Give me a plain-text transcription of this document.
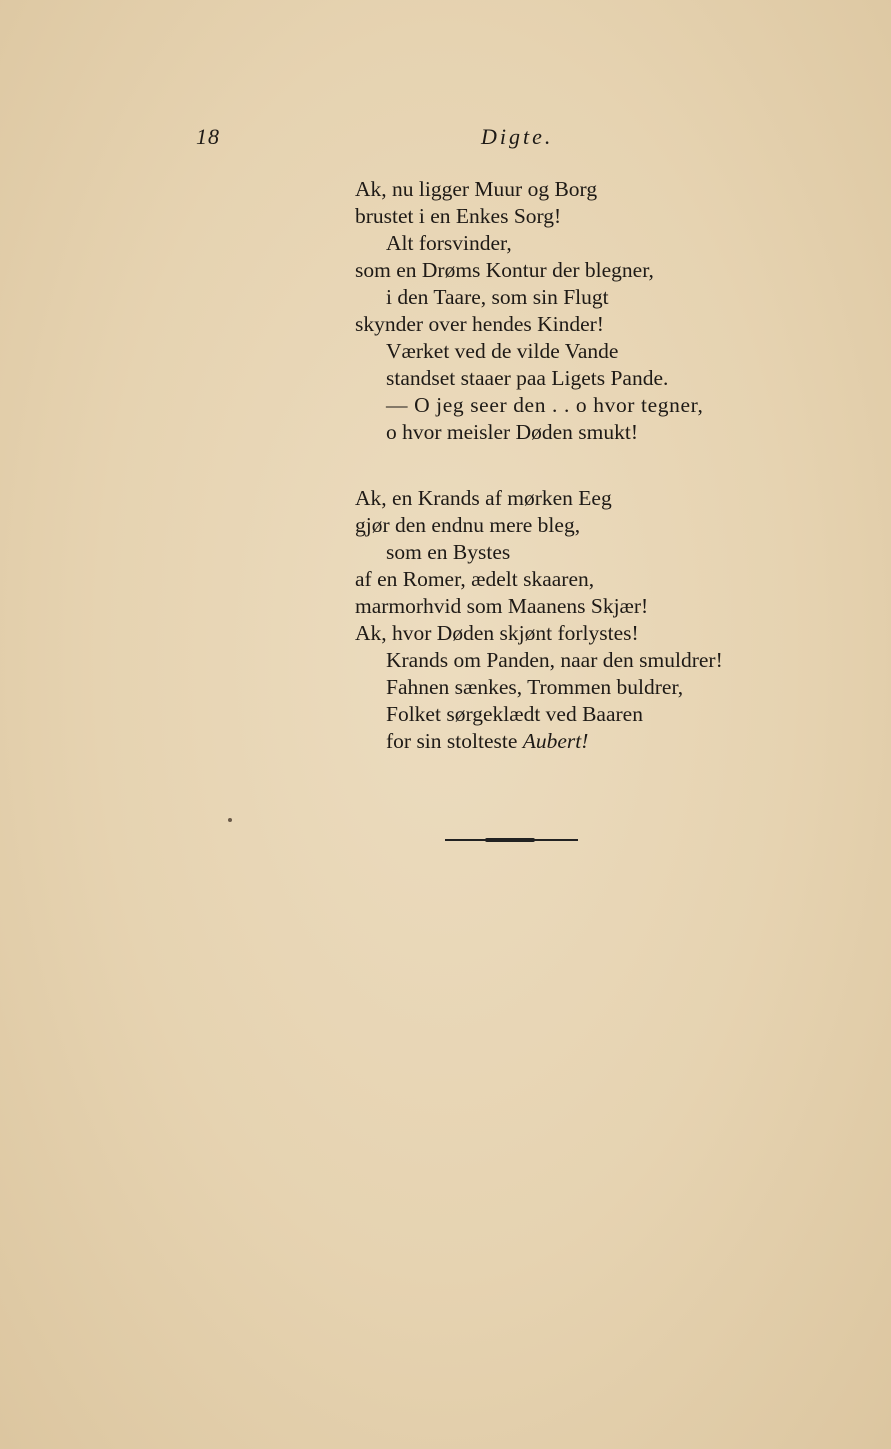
18	Digte.
Ak, nu ligger Muur og Borg
brustet i en Enkes Sorg!
Alt forsvinder,
som en Drøms Kontur der blegner,
i den Taare, som sin Flugt
skynder over hendes Kinder!
Værket ved de vilde Vande
standset staaer paa Ligets Pande.
— O jeg seer den . . o hvor tegner,
o hvor meisler Døden smukt!
Ak, en Krands af mørken Eeg
gjør den endnu mere bleg,
som en Bystes
af en Romer, ædelt skaaren,
marmorhvid som Maanens Skjær!
Ak, hvor Døden skjønt forlystes!
Krands om Panden, naar den smuldrer!
Fahnen sænkes, Trommen buldrer,
Folket sørgeklædt ved Baaren
for sin stolteste Aubert!
